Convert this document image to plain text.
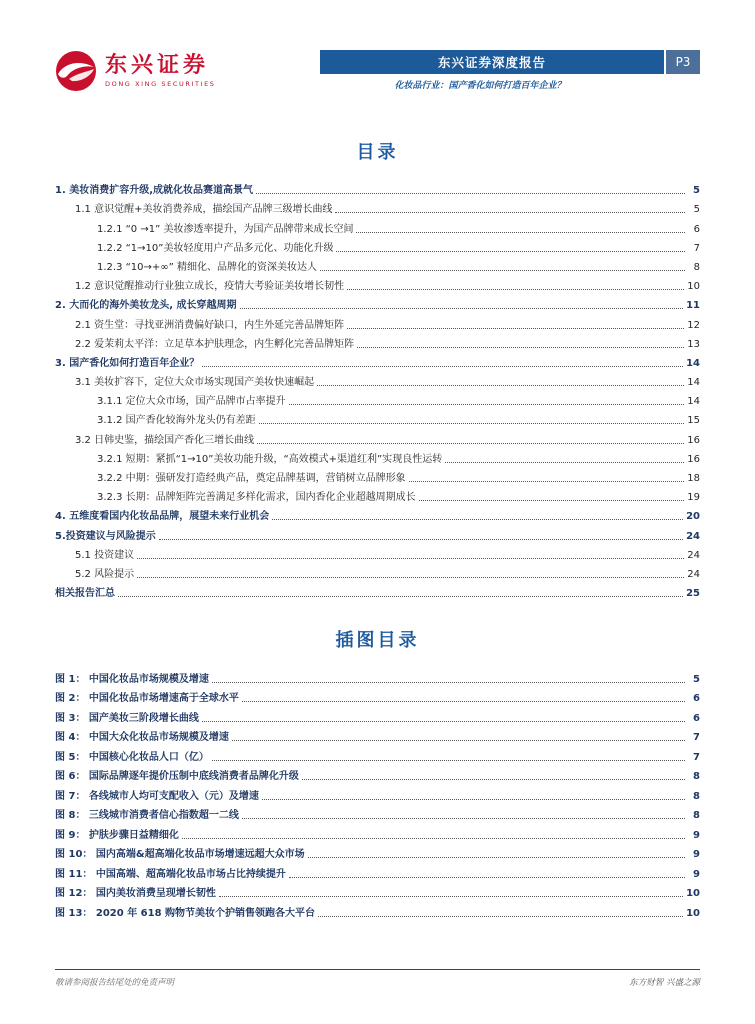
东兴证券
DONG XING SECURITIES
东兴证券深度报告	P3
化妆品行业：国产香化如何打造百年企业？
目录
1. 美妆消费扩容升级,成就化妆品赛道高景气	5
1.1 意识觉醒+美妆消费养成，描绘国产品牌三级增长曲线	5
1.2.1 “0 →1” 美妆渗透率提升，为国产品牌带来成长空间	6
1.2.2 “1→10”美妆轻度用户产品多元化、功能化升级	7
1.2.3 “10→+∞” 精细化、品牌化的资深美妆达人	8
1.2 意识觉醒推动行业独立成长，疫情大考验证美妆增长韧性	10
2. 大而化的海外美妆龙头, 成长穿越周期	11
2.1 资生堂：寻找亚洲消费偏好缺口，内生外延完善品牌矩阵	12
2.2 爱茉莉太平洋：立足草本护肤理念，内生孵化完善品牌矩阵	13
3. 国产香化如何打造百年企业？	14
3.1 美妆扩容下，定位大众市场实现国产美妆快速崛起	14
3.1.1 定位大众市场，国产品牌市占率提升	14
3.1.2 国产香化较海外龙头仍有差距	15
3.2 日韩史鉴，描绘国产香化三增长曲线	16
3.2.1 短期：紧抓“1→10”美妆功能升级，“高效模式+渠道红利”实现良性运转	16
3.2.2 中期：强研发打造经典产品，奠定品牌基调，营销树立品牌形象	18
3.2.3 长期：品牌矩阵完善满足多样化需求，国内香化企业超越周期成长	19
4. 五维度看国内化妆品品牌，展望未来行业机会	20
5.投资建议与风险提示	24
5.1 投资建议	24
5.2 风险提示	24
相关报告汇总	25
插图目录
图 1： 中国化妆品市场规模及增速	5
图 2： 中国化妆品市场增速高于全球水平	6
图 3： 国产美妆三阶段增长曲线	6
图 4： 中国大众化妆品市场规模及增速	7
图 5： 中国核心化妆品人口（亿）	7
图 6： 国际品牌逐年提价压制中底线消费者品牌化升级	8
图 7： 各线城市人均可支配收入（元）及增速	8
图 8： 三线城市消费者信心指数超一二线	8
图 9： 护肤步骤日益精细化	9
图 10： 国内高端&超高端化妆品市场增速远超大众市场	9
图 11： 中国高端、超高端化妆品市场占比持续提升	9
图 12： 国内美妆消费呈现增长韧性	10
图 13： 2020 年 618 购物节美妆个护销售领跑各大平台	10
敬请参阅报告结尾处的免责声明	东方财智 兴盛之源
